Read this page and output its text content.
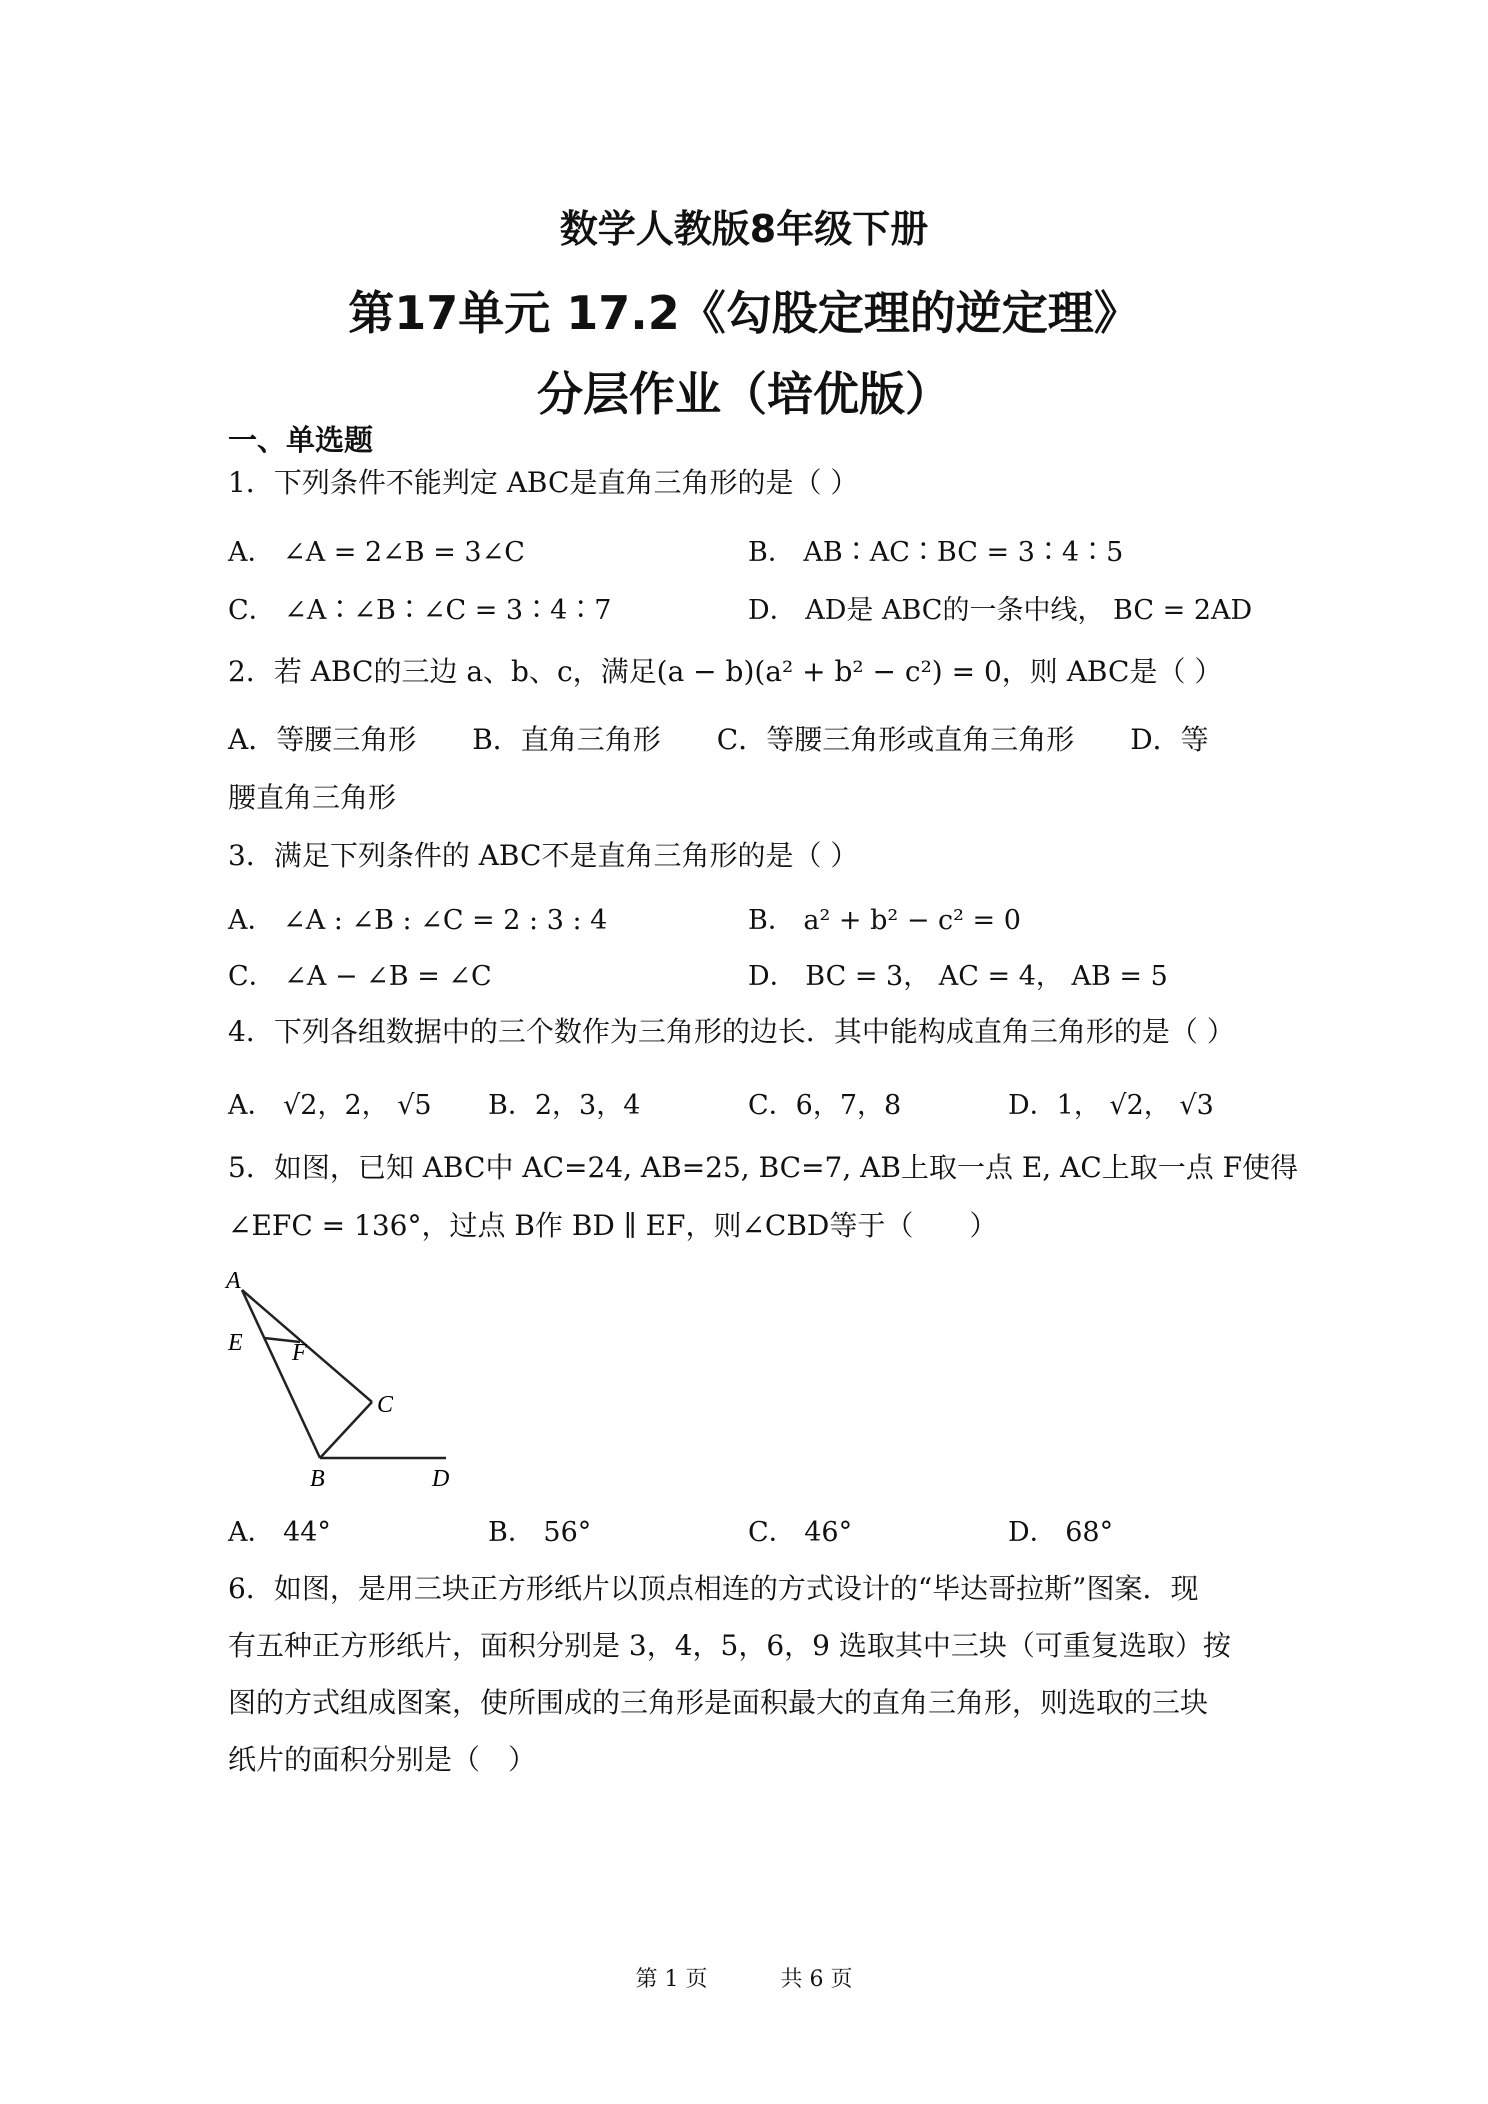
数学人教版8年级下册
第17单元 17.2《勾股定理的逆定理》
分层作业（培优版）
一、单选题
1．下列条件不能判定 ABC是直角三角形的是（ ）
A． ∠A = 2∠B = 3∠C	B． AB∶AC∶BC = 3∶4∶5
C． ∠A∶∠B∶∠C = 3∶4∶7	D． AD是 ABC的一条中线， BC = 2AD
2．若 ABC的三边 a、b、c，满足(a − b)(a² + b² − c²) = 0，则 ABC是（ ）
A．等腰三角形　　B．直角三角形　　C．等腰三角形或直角三角形　　D．等
腰直角三角形
3．满足下列条件的 ABC不是直角三角形的是（ ）
A． ∠A : ∠B : ∠C = 2 : 3 : 4	B． a² + b² − c² = 0
C． ∠A − ∠B = ∠C	D． BC = 3， AC = 4， AB = 5
4．下列各组数据中的三个数作为三角形的边长．其中能构成直角三角形的是（ ）
A． √2，2， √5 B．2，3，4	C．6，7，8	D．1， √2， √3
5．如图，已知 ABC中 AC=24, AB=25, BC=7, AB上取一点 E, AC上取一点 F使得
∠EFC = 136°，过点 B作 BD ∥ EF，则∠CBD等于（　　）
A
E F
C
B	D
A． 44°	B． 56°	C． 46°	D． 68°
6．如图，是用三块正方形纸片以顶点相连的方式设计的“毕达哥拉斯”图案．现
有五种正方形纸片，面积分别是 3，4，5，6，9 选取其中三块（可重复选取）按
图的方式组成图案，使所围成的三角形是面积最大的直角三角形，则选取的三块
纸片的面积分别是（　）
第 1 页　　　 共 6 页
